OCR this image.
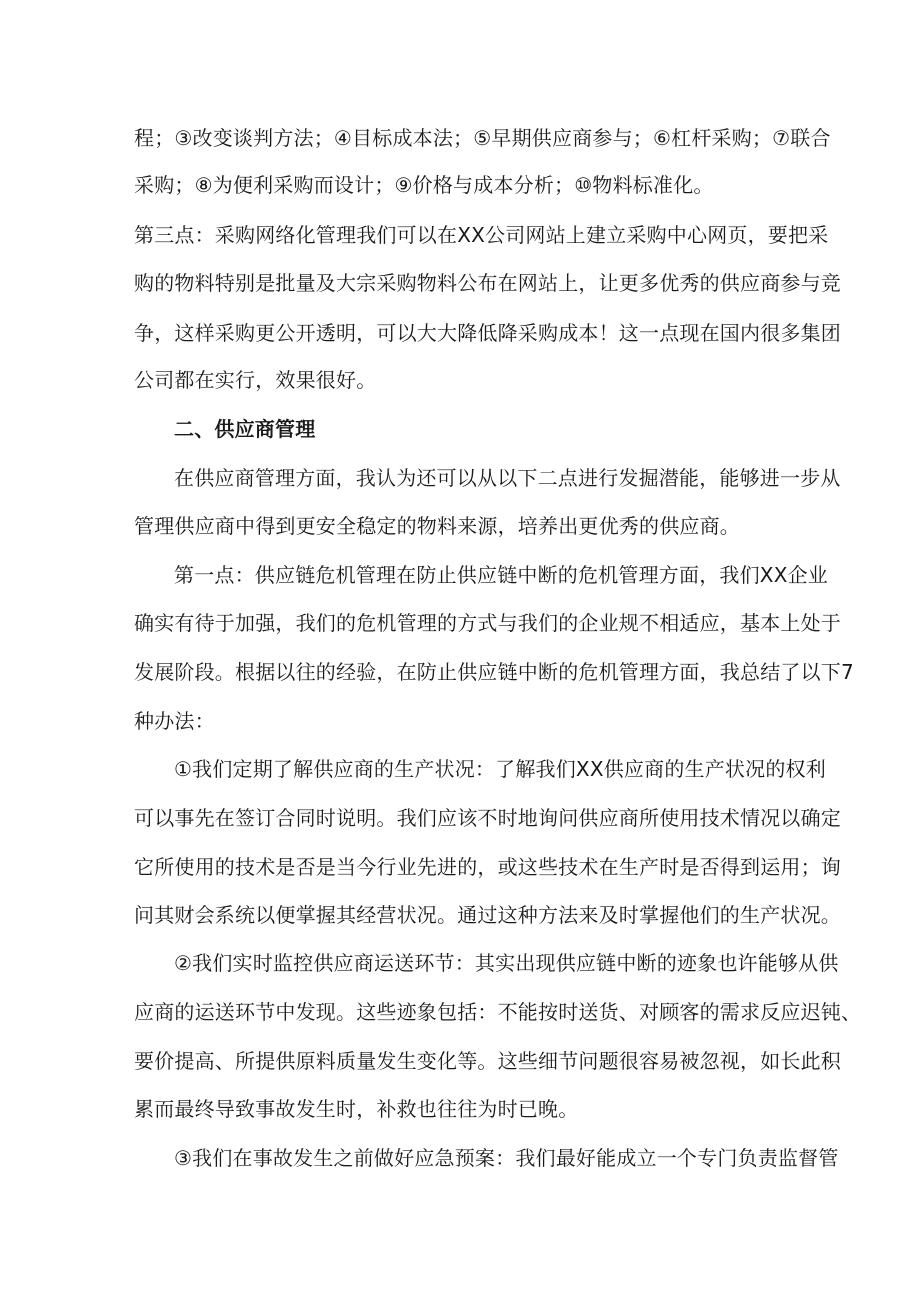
程；③改变谈判方法；④目标成本法；⑤早期供应商参与；⑥杠杆采购；⑦联合
采购；⑧为便利采购而设计；⑨价格与成本分析；⑩物料标准化。
第三点：采购网络化管理我们可以在XX公司网站上建立采购中心网页，要把采
购的物料特别是批量及大宗采购物料公布在网站上，让更多优秀的供应商参与竞
争，这样采购更公开透明，可以大大降低降采购成本！这一点现在国内很多集团
公司都在实行，效果很好。
二、供应商管理
在供应商管理方面，我认为还可以从以下二点进行发掘潜能，能够进一步从
管理供应商中得到更安全稳定的物料来源，培养出更优秀的供应商。
第一点：供应链危机管理在防止供应链中断的危机管理方面，我们XX企业
确实有待于加强，我们的危机管理的方式与我们的企业规不相适应，基本上处于
发展阶段。根据以往的经验，在防止供应链中断的危机管理方面，我总结了以下7
种办法：
①我们定期了解供应商的生产状况：了解我们XX供应商的生产状况的权利
可以事先在签订合同时说明。我们应该不时地询问供应商所使用技术情况以确定
它所使用的技术是否是当今行业先进的，或这些技术在生产时是否得到运用；询
问其财会系统以便掌握其经营状况。通过这种方法来及时掌握他们的生产状况。
②我们实时监控供应商运送环节：其实出现供应链中断的迹象也许能够从供
应商的运送环节中发现。这些迹象包括：不能按时送货、对顾客的需求反应迟钝、
要价提高、所提供原料质量发生变化等。这些细节问题很容易被忽视，如长此积
累而最终导致事故发生时，补救也往往为时已晚。
③我们在事故发生之前做好应急预案：我们最好能成立一个专门负责监督管
